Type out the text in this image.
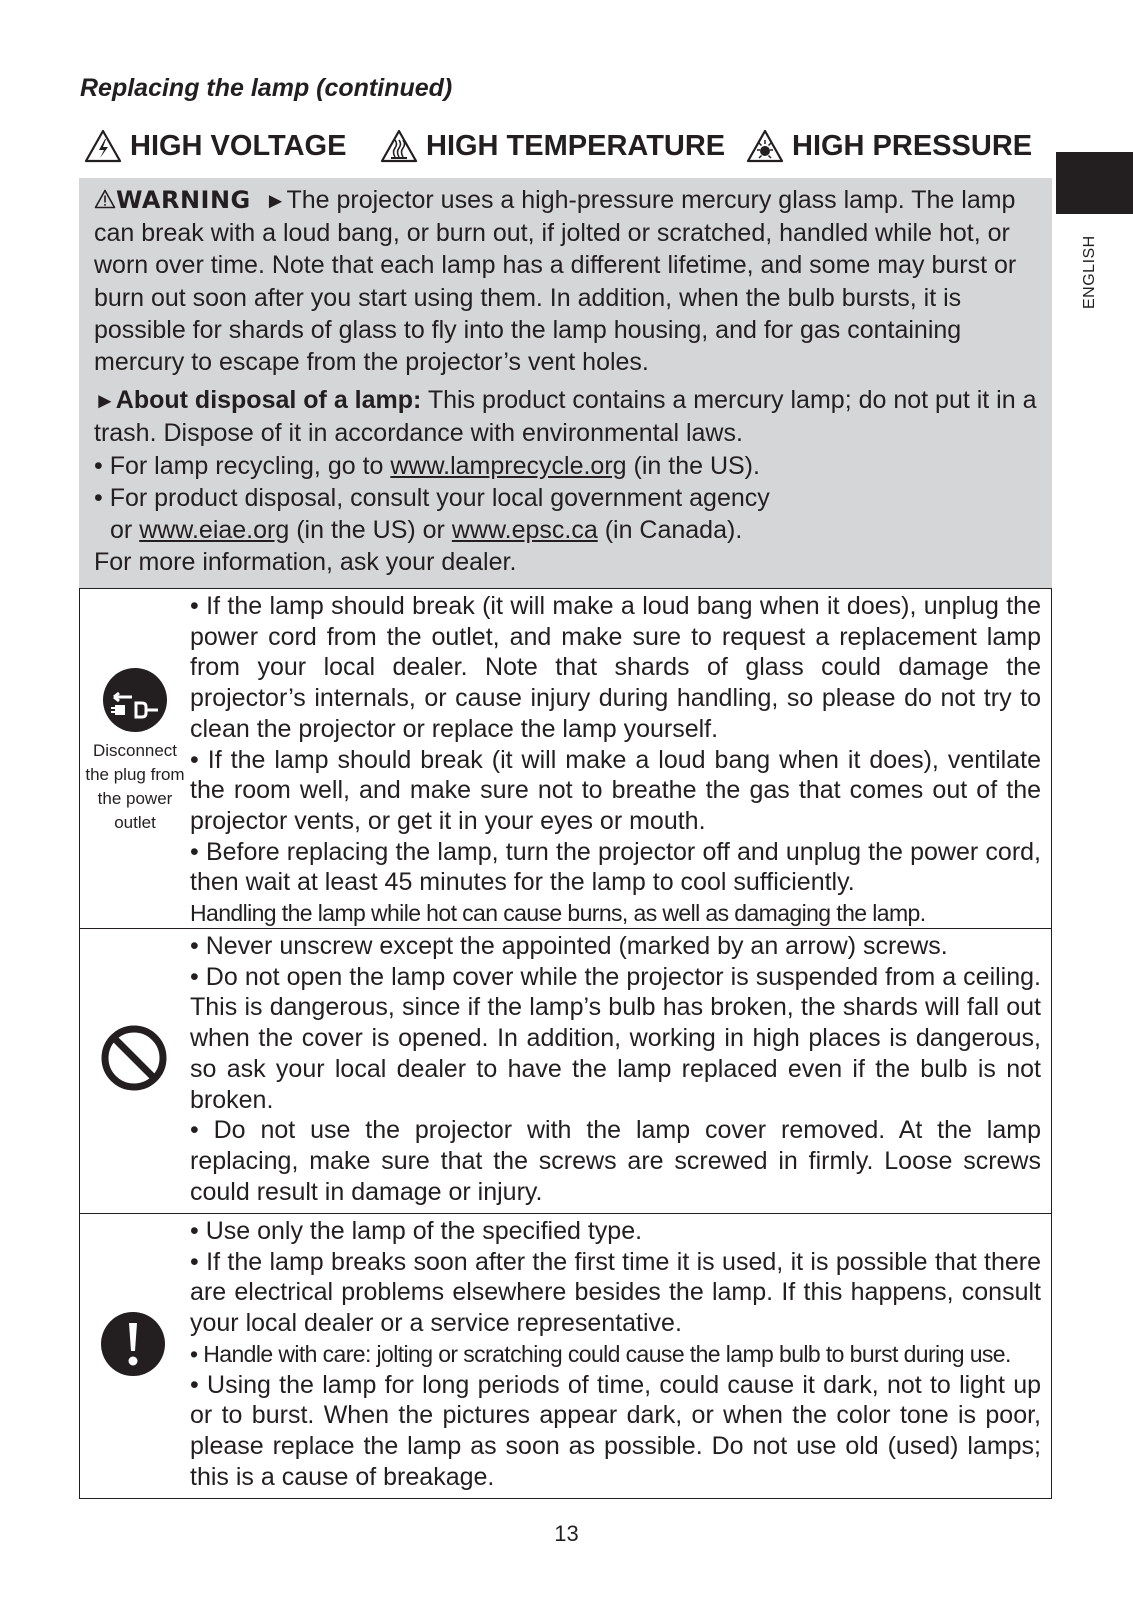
Replacing the lamp (continued)
HIGH VOLTAGE	HIGH TEMPERATURE HIGH PRESSURE
ENGLISH

WARNING ►The projector uses a high-pressure mercury glass lamp. The lamp can break with a loud bang, or burn out, if jolted or scratched, handled while hot, or worn over time. Note that each lamp has a different lifetime, and some may burst or burn out soon after you start using them. In addition, when the bulb bursts, it is possible for shards of glass to fly into the lamp housing, and for gas containing mercury to escape from the projector’s vent holes.

►About disposal of a lamp: This product contains a mercury lamp; do not put it in a trash. Dispose of it in accordance with environmental laws.

• For lamp recycling, go to www.lamprecycle.org (in the US).

• For product disposal, consult your local government agency

or www.eiae.org (in the US) or www.epsc.ca (in Canada).

For more information, ask your dealer.

Disconnect the plug from the power outlet

• If the lamp should break (it will make a loud bang when it does), unplug the power cord from the outlet, and make sure to request a replacement lamp from your local dealer. Note that shards of glass could damage the projector’s internals, or cause injury during handling, so please do not try to clean the projector or replace the lamp yourself.

• If the lamp should break (it will make a loud bang when it does), ventilate the room well, and make sure not to breathe the gas that comes out of the projector vents, or get it in your eyes or mouth.

• Before replacing the lamp, turn the projector off and unplug the power cord, then wait at least 45 minutes for the lamp to cool sufficiently.

Handling the lamp while hot can cause burns, as well as damaging the lamp.

• Never unscrew except the appointed (marked by an arrow) screws.

• Do not open the lamp cover while the projector is suspended from a ceiling. This is dangerous, since if the lamp’s bulb has broken, the shards will fall out when the cover is opened. In addition, working in high places is dangerous, so ask your local dealer to have the lamp replaced even if the bulb is not broken.

• Do not use the projector with the lamp cover removed. At the lamp replacing, make sure that the screws are screwed in firmly. Loose screws could result in damage or injury.

• Use only the lamp of the specified type.

• If the lamp breaks soon after the first time it is used, it is possible that there are electrical problems elsewhere besides the lamp. If this happens, consult your local dealer or a service representative.

• Handle with care: jolting or scratching could cause the lamp bulb to burst during use.

• Using the lamp for long periods of time, could cause it dark, not to light up or to burst. When the pictures appear dark, or when the color tone is poor, please replace the lamp as soon as possible. Do not use old (used) lamps; this is a cause of breakage.

13
